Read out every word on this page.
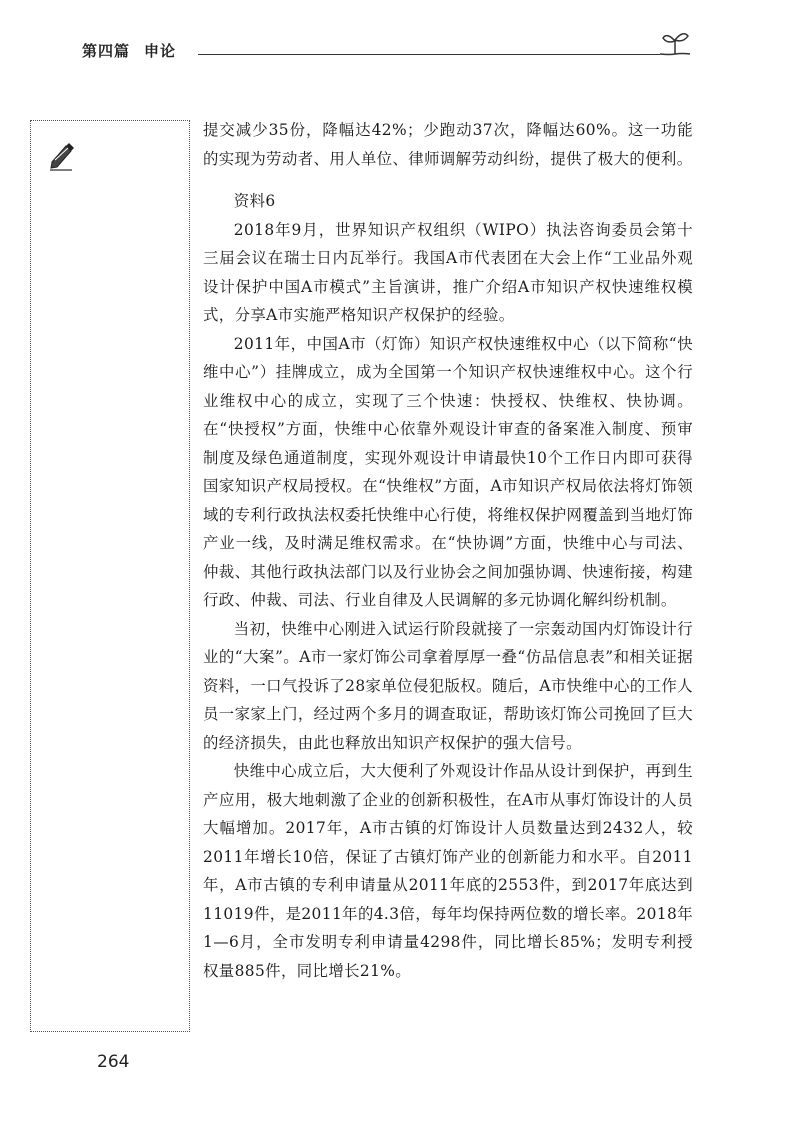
第四篇 申论

提交减少35份，降幅达42%；少跑动37次，降幅达60%。这一功能的实现为劳动者、用人单位、律师调解劳动纠纷，提供了极大的便利。

资料6

2018年9月，世界知识产权组织（WIPO）执法咨询委员会第十三届会议在瑞士日内瓦举行。我国A市代表团在大会上作“工业品外观设计保护中国A市模式”主旨演讲，推广介绍A市知识产权快速维权模式，分享A市实施严格知识产权保护的经验。

2011年，中国A市（灯饰）知识产权快速维权中心（以下简称“快维中心”）挂牌成立，成为全国第一个知识产权快速维权中心。这个行业维权中心的成立，实现了三个快速：快授权、快维权、快协调。在“快授权”方面，快维中心依靠外观设计审查的备案准入制度、预审制度及绿色通道制度，实现外观设计申请最快10个工作日内即可获得国家知识产权局授权。在“快维权”方面，A市知识产权局依法将灯饰领域的专利行政执法权委托快维中心行使，将维权保护网覆盖到当地灯饰产业一线，及时满足维权需求。在“快协调”方面，快维中心与司法、仲裁、其他行政执法部门以及行业协会之间加强协调、快速衔接，构建行政、仲裁、司法、行业自律及人民调解的多元协调化解纠纷机制。

当初，快维中心刚进入试运行阶段就接了一宗轰动国内灯饰设计行业的“大案”。A市一家灯饰公司拿着厚厚一叠“仿品信息表”和相关证据资料，一口气投诉了28家单位侵犯版权。随后，A市快维中心的工作人员一家家上门，经过两个多月的调查取证，帮助该灯饰公司挽回了巨大的经济损失，由此也释放出知识产权保护的强大信号。

快维中心成立后，大大便利了外观设计作品从设计到保护，再到生产应用，极大地刺激了企业的创新积极性，在A市从事灯饰设计的人员大幅增加。2017年，A市古镇的灯饰设计人员数量达到2432人，较2011年增长10倍，保证了古镇灯饰产业的创新能力和水平。自2011年，A市古镇的专利申请量从2011年底的2553件，到2017年底达到11019件，是2011年的4.3倍，每年均保持两位数的增长率。2018年1—6月，全市发明专利申请量4298件，同比增长85%；发明专利授权量885件，同比增长21%。

264
